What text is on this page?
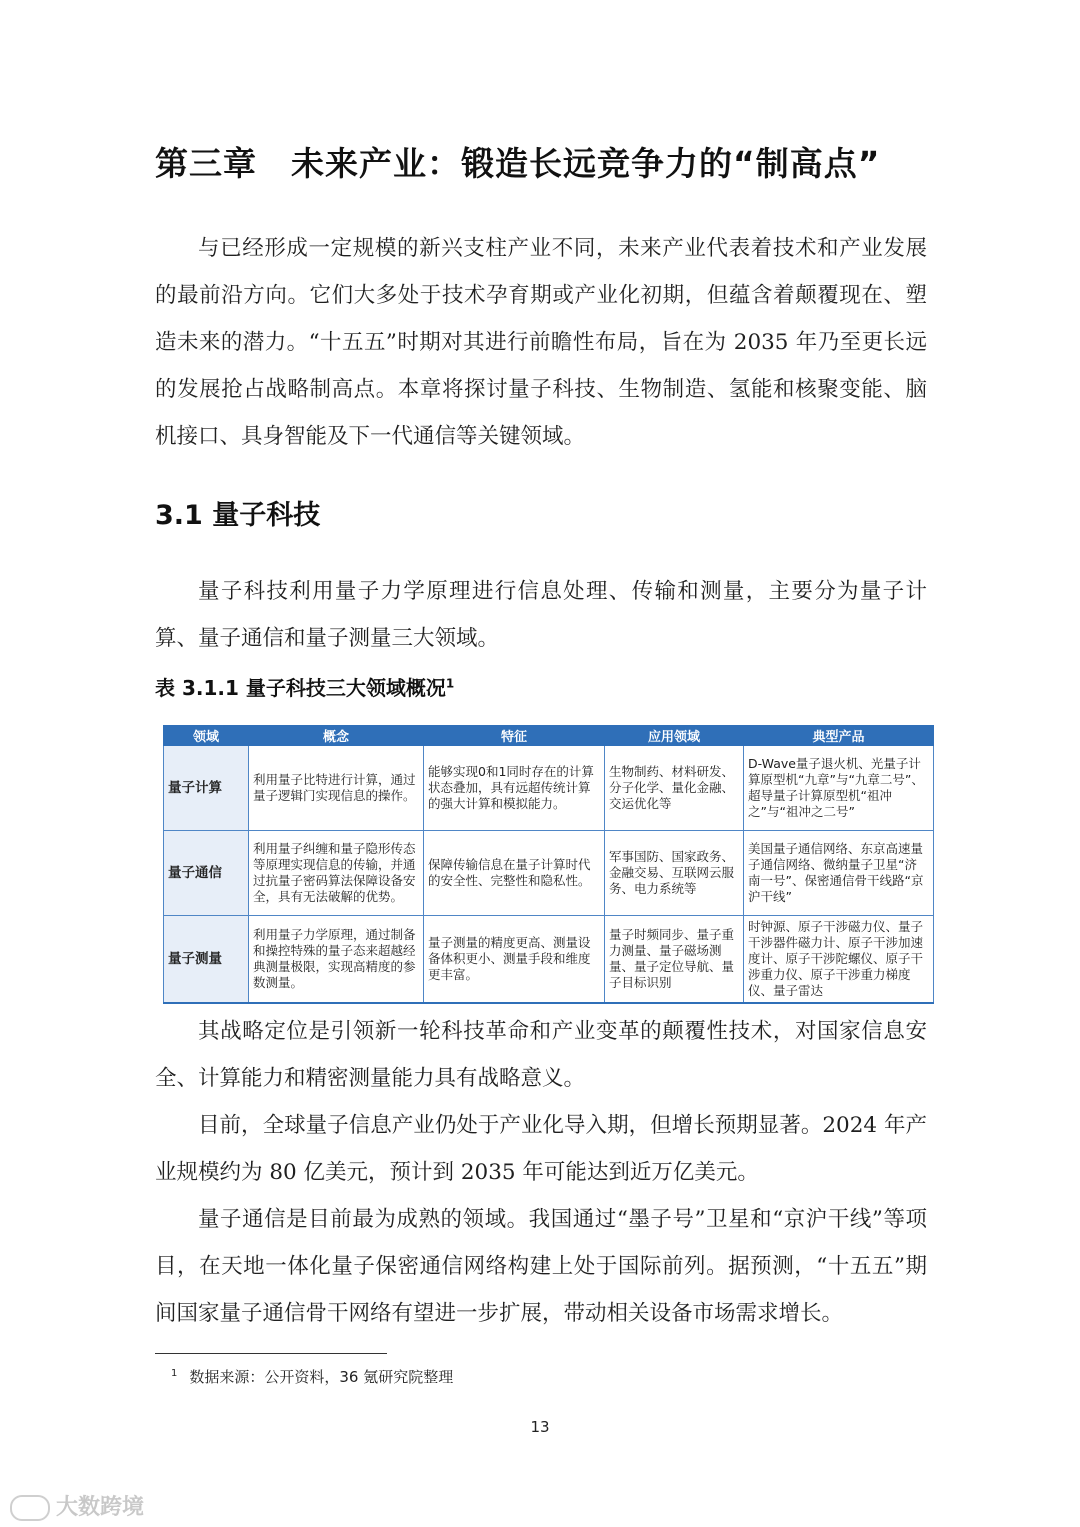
第三章　未来产业：锻造长远竞争力的“制高点”

与已经形成一定规模的新兴支柱产业不同，未来产业代表着技术和产业发展的最前沿方向。它们大多处于技术孕育期或产业化初期，但蕴含着颠覆现在、塑造未来的潜力。“十五五”时期对其进行前瞻性布局，旨在为 2035 年乃至更长远的发展抢占战略制高点。本章将探讨量子科技、生物制造、氢能和核聚变能、脑机接口、具身智能及下一代通信等关键领域。

3.1 量子科技

量子科技利用量子力学原理进行信息处理、传输和测量，主要分为量子计算、量子通信和量子测量三大领域。

表 3.1.1 量子科技三大领域概况$^1$

领域	概念	特征	应用领域	典型产品
量子计算	利用量子比特进行计算，通过量子逻辑门实现信息的操作。	能够实现0和1同时存在的计算状态叠加，具有远超传统计算的强大计算和模拟能力。	生物制药、材料研发、分子化学、量化金融、交运优化等	D-Wave量子退火机、光量子计算原型机“九章”与“九章二号”、超导量子计算原型机“祖冲之”与“祖冲之二号”
量子通信	利用量子纠缠和量子隐形传态等原理实现信息的传输，并通过抗量子密码算法保障设备安全，具有无法破解的优势。	保障传输信息在量子计算时代的安全性、完整性和隐私性。	军事国防、国家政务、金融交易、互联网云服务、电力系统等	美国量子通信网络、东京高速量子通信网络、微纳量子卫星“济南一号”、保密通信骨干线路“京沪干线”
量子测量	利用量子力学原理，通过制备和操控特殊的量子态来超越经典测量极限，实现高精度的参数测量。	量子测量的精度更高、测量设备体积更小、测量手段和维度更丰富。	量子时频同步、量子重力测量、量子磁场测量、量子定位导航、量子目标识别	时钟源、原子干涉磁力仪、量子干涉器件磁力计、原子干涉加速度计、原子干涉陀螺仪、原子干涉重力仪、原子干涉重力梯度仪、量子雷达

其战略定位是引领新一轮科技革命和产业变革的颠覆性技术，对国家信息安全、计算能力和精密测量能力具有战略意义。

目前，全球量子信息产业仍处于产业化导入期，但增长预期显著。2024 年产业规模约为 80 亿美元，预计到 2035 年可能达到近万亿美元。

量子通信是目前最为成熟的领域。我国通过“墨子号”卫星和“京沪干线”等项目，在天地一体化量子保密通信网络构建上处于国际前列。据预测，“十五五”期间国家量子通信骨干网络有望进一步扩展，带动相关设备市场需求增长。

$^1$ 数据来源：公开资料，36 氪研究院整理

13

大数跨境
